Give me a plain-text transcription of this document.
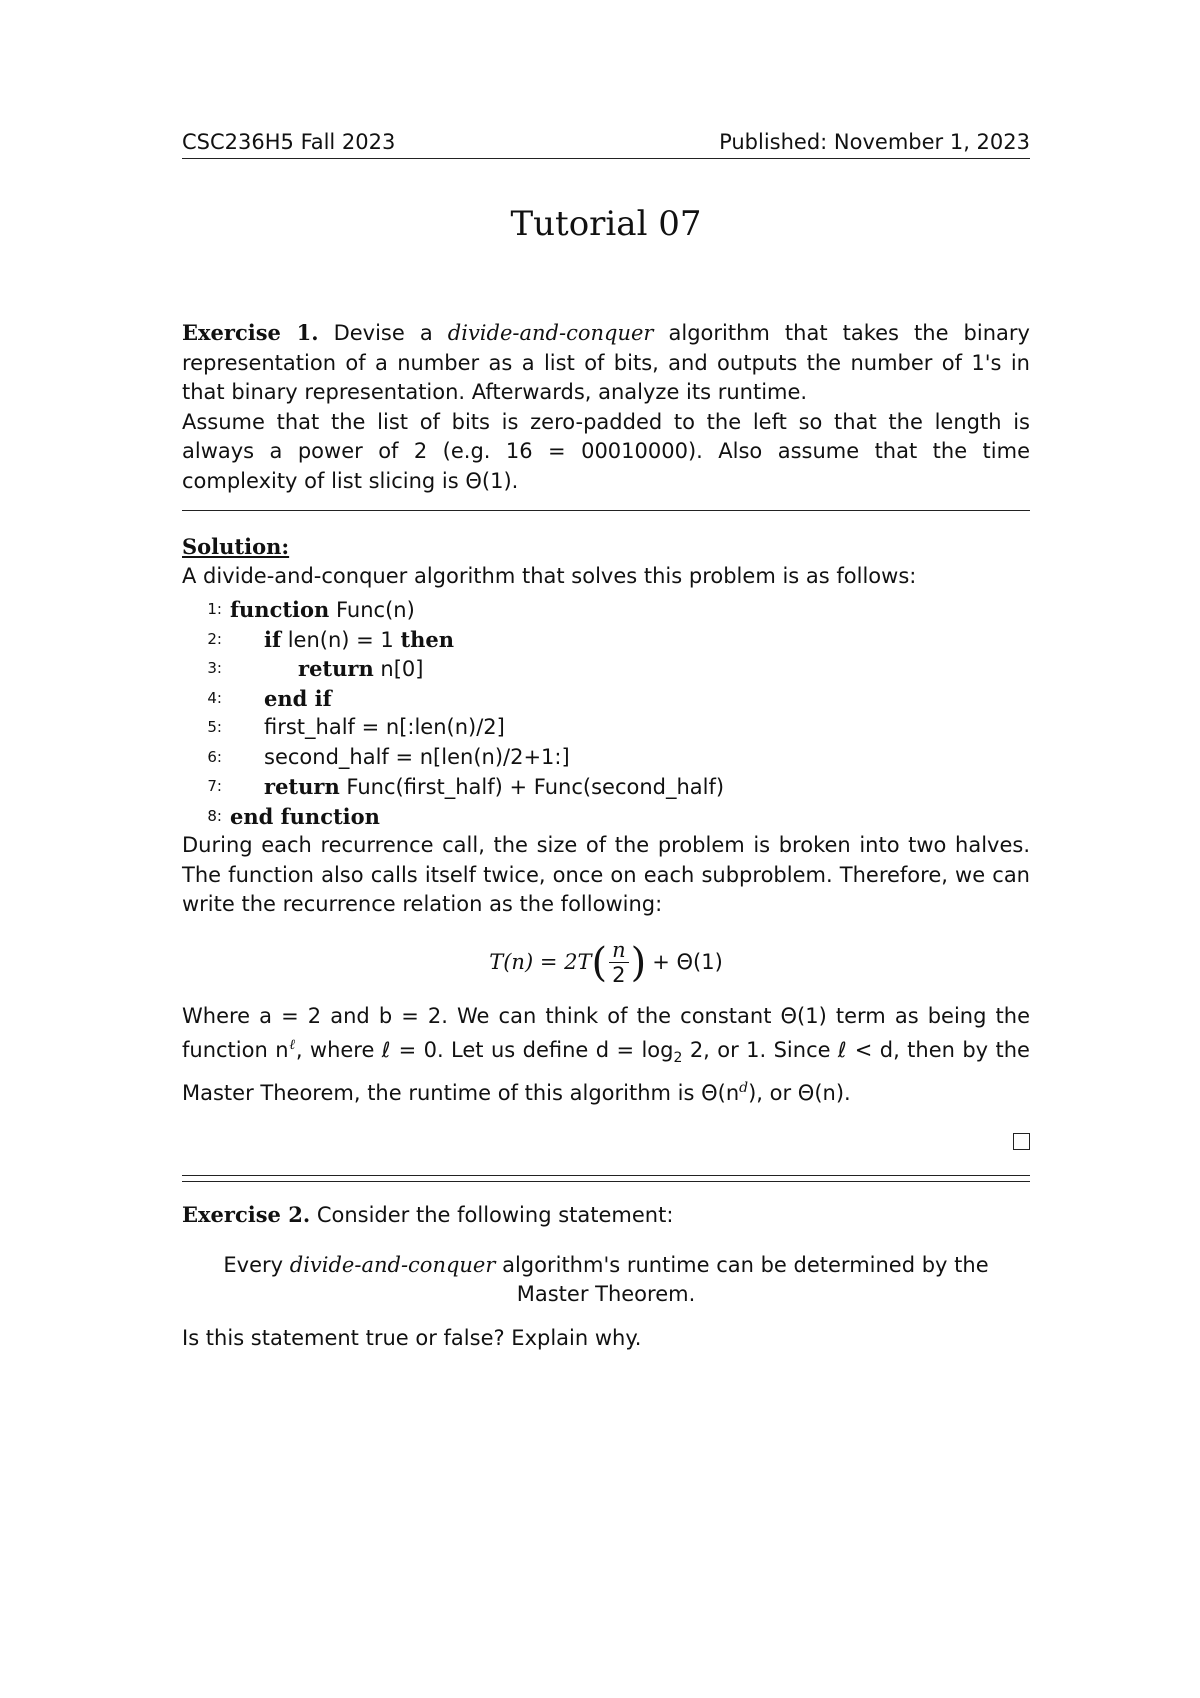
CSC236H5 Fall 2023	Published: November 1, 2023
Tutorial 07
Exercise 1. Devise a divide-and-conquer algorithm that takes the binary representation of a number as a list of bits, and outputs the number of 1's in that binary representation. Afterwards, analyze its runtime.
Assume that the list of bits is zero-padded to the left so that the length is always a power of 2 (e.g. 16 = 00010000). Also assume that the time complexity of list slicing is Θ(1).
Solution:
A divide-and-conquer algorithm that solves this problem is as follows:
1: function Func(n)
2:	if len(n) = 1 then
3:	return n[0]
4:	end if
5:	first_half = n[:len(n)/2]
6:	second_half = n[len(n)/2+1:]
7:	return Func(first_half) + Func(second_half)
8: end function
During each recurrence call, the size of the problem is broken into two halves. The function also calls itself twice, once on each subproblem. Therefore, we can write the recurrence relation as the following:
T(n) = 2T ( $\frac{n}{2}$ ) + Θ(1)
Where a = 2 and b = 2. We can think of the constant Θ(1) term as being the function $n^\ell$, where ℓ = 0. Let us define $d = \log_2 2$, or 1. Since ℓ < d, then by the Master Theorem, the runtime of this algorithm is $\Theta(n^d)$, or Θ(n).
Exercise 2. Consider the following statement:
Every divide-and-conquer algorithm's runtime can be determined by the Master Theorem.
Is this statement true or false? Explain why.
